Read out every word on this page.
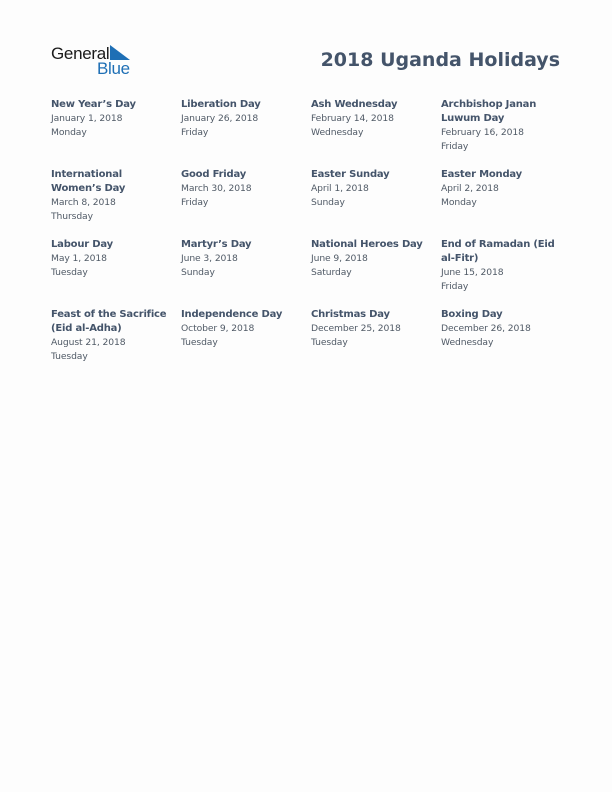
General
Blue	2018 Uganda Holidays
New Year’s Day
January 1, 2018
Monday
Liberation Day
January 26, 2018
Friday
Ash Wednesday
February 14, 2018
Wednesday
Archbishop Janan Luwum Day
February 16, 2018
Friday
International Women’s Day
March 8, 2018
Thursday
Good Friday
March 30, 2018
Friday
Easter Sunday
April 1, 2018
Sunday
Easter Monday
April 2, 2018
Monday
Labour Day
May 1, 2018
Tuesday
Martyr’s Day
June 3, 2018
Sunday
National Heroes Day
June 9, 2018
Saturday
End of Ramadan (Eid al-Fitr)
June 15, 2018
Friday
Feast of the Sacrifice (Eid al-Adha)
August 21, 2018
Tuesday
Independence Day
October 9, 2018
Tuesday
Christmas Day
December 25, 2018
Tuesday
Boxing Day
December 26, 2018
Wednesday
